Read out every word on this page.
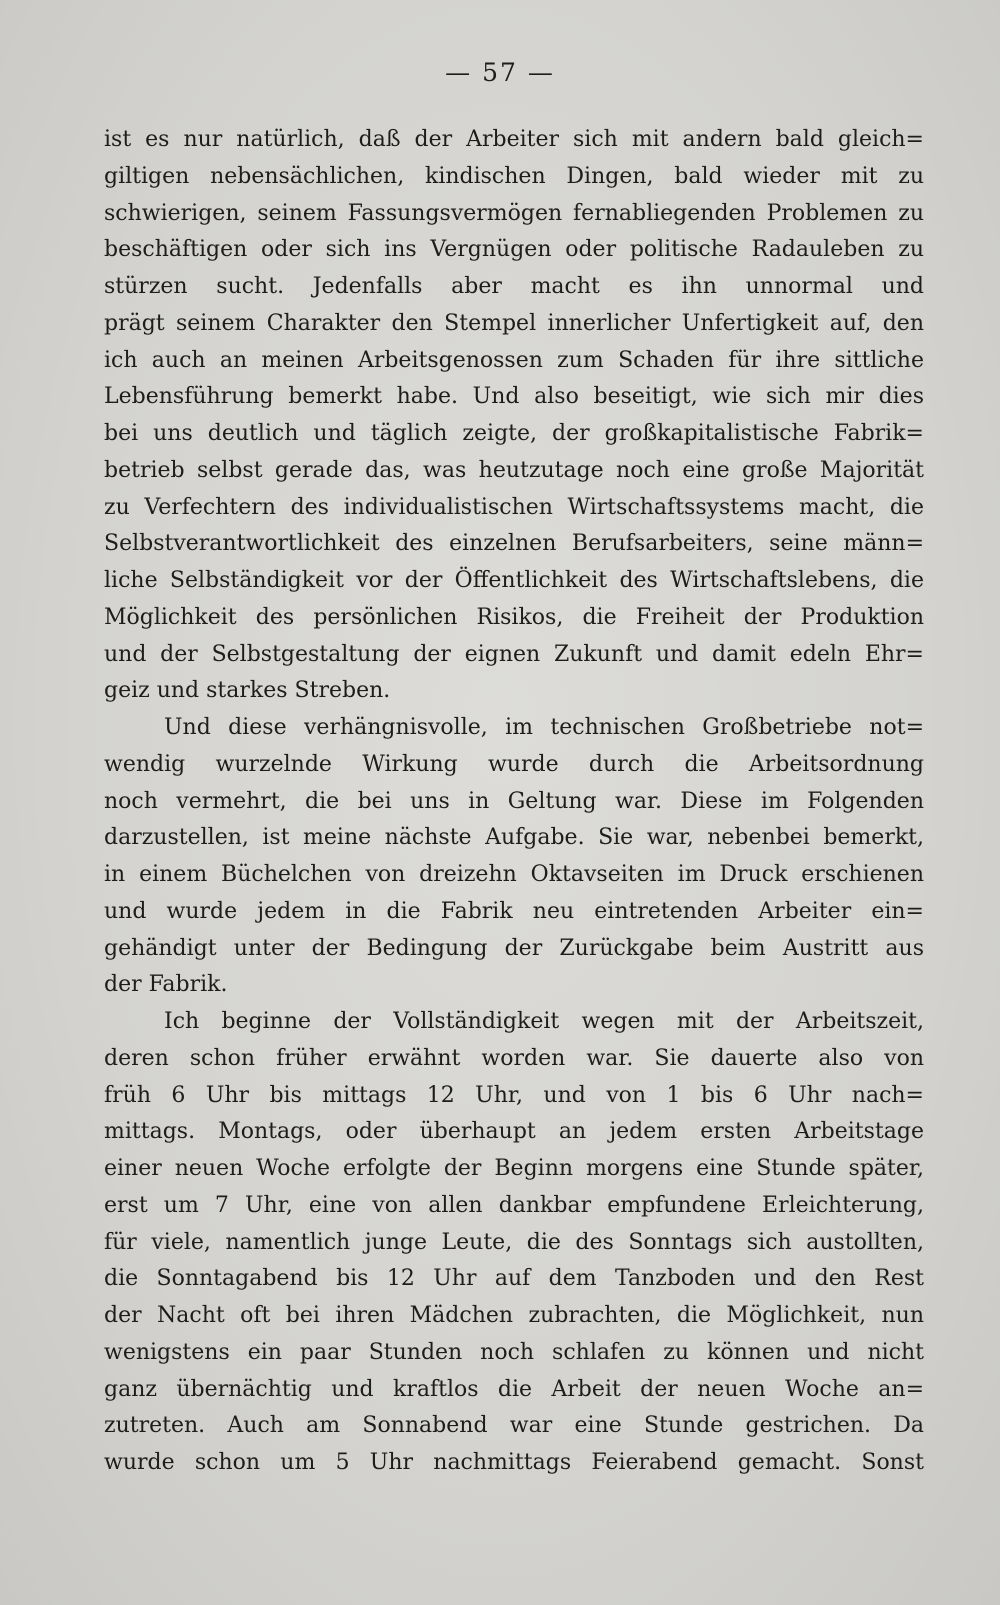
— 57 —
ist es nur natürlich, daß der Arbeiter sich mit andern bald gleich=
giltigen nebensächlichen, kindischen Dingen, bald wieder mit zu
schwierigen, seinem Fassungsvermögen fernabliegenden Problemen zu
beschäftigen oder sich ins Vergnügen oder politische Radauleben zu
stürzen sucht. Jedenfalls aber macht es ihn unnormal und
prägt seinem Charakter den Stempel innerlicher Unfertigkeit auf, den
ich auch an meinen Arbeitsgenossen zum Schaden für ihre sittliche
Lebensführung bemerkt habe. Und also beseitigt, wie sich mir dies
bei uns deutlich und täglich zeigte, der großkapitalistische Fabrik=
betrieb selbst gerade das, was heutzutage noch eine große Majorität
zu Verfechtern des individualistischen Wirtschaftssystems macht, die
Selbstverantwortlichkeit des einzelnen Berufsarbeiters, seine männ=
liche Selbständigkeit vor der Öffentlichkeit des Wirtschaftslebens, die
Möglichkeit des persönlichen Risikos, die Freiheit der Produktion
und der Selbstgestaltung der eignen Zukunft und damit edeln Ehr=
geiz und starkes Streben.
Und diese verhängnisvolle, im technischen Großbetriebe not=
wendig wurzelnde Wirkung wurde durch die Arbeitsordnung
noch vermehrt, die bei uns in Geltung war. Diese im Folgenden
darzustellen, ist meine nächste Aufgabe. Sie war, nebenbei bemerkt,
in einem Büchelchen von dreizehn Oktavseiten im Druck erschienen
und wurde jedem in die Fabrik neu eintretenden Arbeiter ein=
gehändigt unter der Bedingung der Zurückgabe beim Austritt aus
der Fabrik.
Ich beginne der Vollständigkeit wegen mit der Arbeitszeit,
deren schon früher erwähnt worden war. Sie dauerte also von
früh 6 Uhr bis mittags 12 Uhr, und von 1 bis 6 Uhr nach=
mittags. Montags, oder überhaupt an jedem ersten Arbeitstage
einer neuen Woche erfolgte der Beginn morgens eine Stunde später,
erst um 7 Uhr, eine von allen dankbar empfundene Erleichterung,
für viele, namentlich junge Leute, die des Sonntags sich austollten,
die Sonntagabend bis 12 Uhr auf dem Tanzboden und den Rest
der Nacht oft bei ihren Mädchen zubrachten, die Möglichkeit, nun
wenigstens ein paar Stunden noch schlafen zu können und nicht
ganz übernächtig und kraftlos die Arbeit der neuen Woche an=
zutreten. Auch am Sonnabend war eine Stunde gestrichen. Da
wurde schon um 5 Uhr nachmittags Feierabend gemacht. Sonst
